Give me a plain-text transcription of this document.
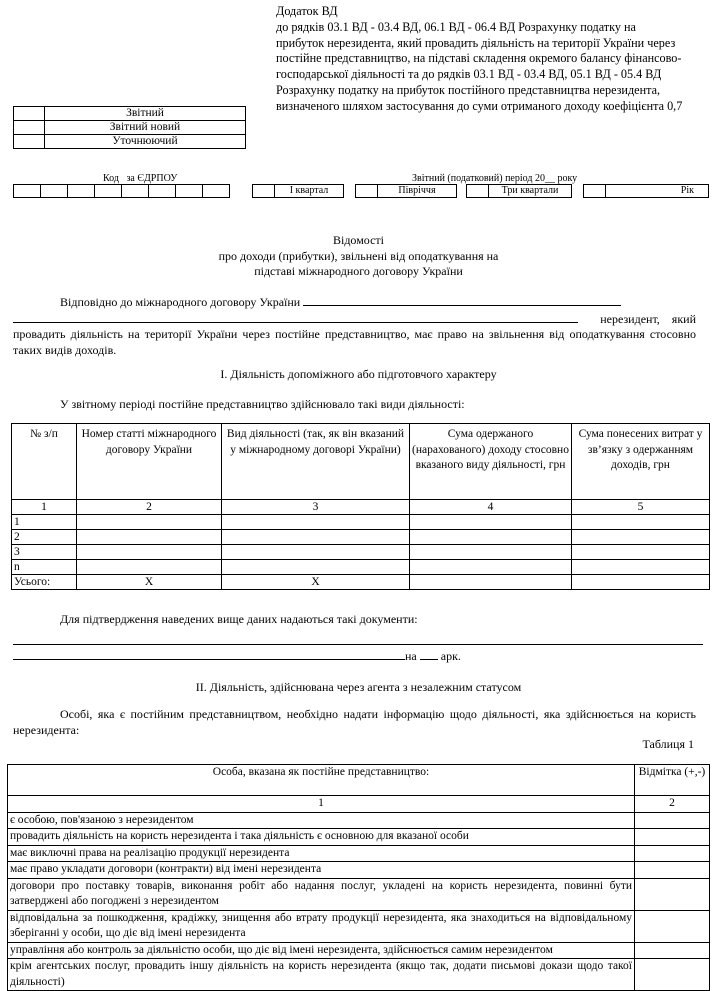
Додаток ВД
до рядків 03.1 ВД - 03.4 ВД, 06.1 ВД - 06.4 ВД Розрахунку податку на
прибуток нерезидента, який провадить діяльність на території України через
постійне представництво, на підставі складення окремого балансу фінансово-
господарської діяльності та до рядків 03.1 ВД - 03.4 ВД, 05.1 ВД - 05.4 ВД
Розрахунку податку на прибуток постійного представництва нерезидента,
визначеного шляхом застосування до суми отриманого доходу коефіцієнта 0,7
	Звітний
	Звітний новий
	Уточнюючий
Код   за ЄДРПОУ
								Звітний (податковий) період 20__ року
	І квартал
		Півріччя
		Три квартали
		Рік
Відомості
про доходи (прибутки), звільнені від оподаткування на
підставі міжнародного договору України
Відповідно до міжнародного договору України
нерезидент,    який
провадить діяльність на території України через постійне представництво, має право на звільнення від оподаткування стосовно таких видів доходів.
І. Діяльність допоміжного або підготовчого характеру
У звітному періоді постійне представництво здійснювало такі види діяльності:
№ з/п	Номер статті міжнародного договору України	Вид діяльності (так, як він вказаний у міжнародному договорі України)	Сума одержаного (нарахованого) доходу стосовно вказаного виду діяльності, грн	Сума понесених витрат у зв’язку з одержанням доходів, грн
1	2	3	4	5
1				
2				
3				
n				
Усього:	X	X		
Для підтвердження наведених вище даних надаються такі документи:
на арк.
ІІ. Діяльність, здійснювана через агента з незалежним статусом
Особі, яка є постійним представництвом, необхідно надати інформацію щодо діяльності, яка здійснюється на користь нерезидента:
Таблиця 1
Особа, вказана як постійне представництво:	Відмітка (+,-)
1	2
є особою, пов'язаною з нерезидентом	
провадить діяльність на користь нерезидента і така діяльність є основною для вказаної особи	
має виключні права на реалізацію продукції нерезидента	
має право укладати договори (контракти) від імені нерезидента	
договори про поставку товарів, виконання робіт або надання послуг, укладені на користь нерезидента, повинні бути затверджені або погоджені з нерезидентом	
відповідальна за пошкодження, крадіжку, знищення або втрату продукції нерезидента, яка знаходиться на відповідальному зберіганні у особи, що діє від імені нерезидента	
управління або контроль за діяльністю особи, що діє від імені нерезидента, здійснюється самим нерезидентом	
крім агентських послуг, провадить іншу діяльність на користь нерезидента (якщо так, додати письмові докази щодо такої діяльності)	
